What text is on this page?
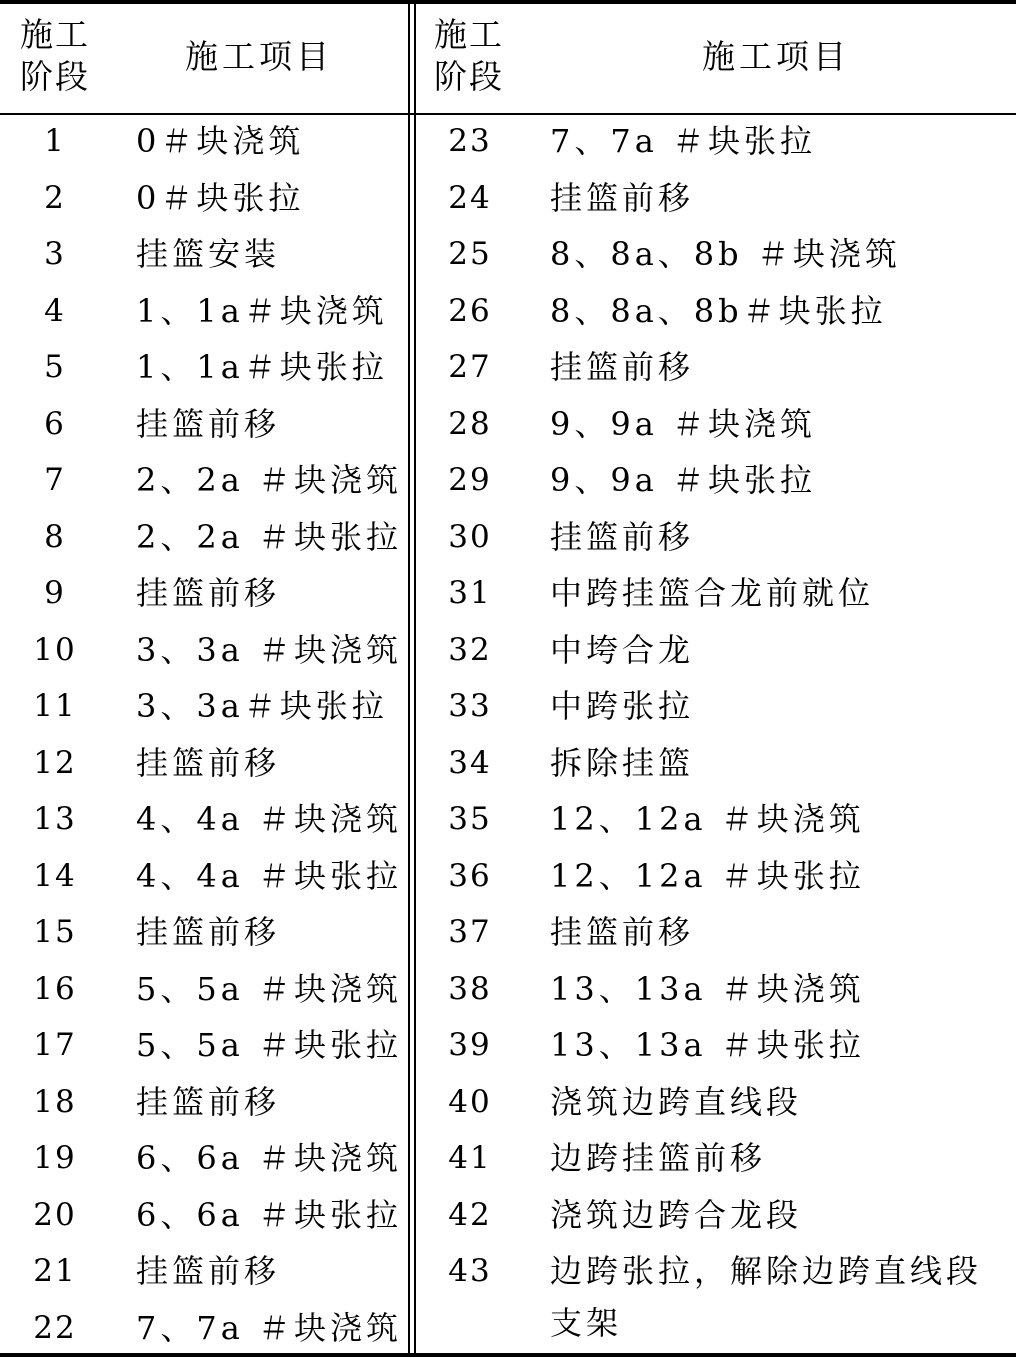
施工
阶段
施工项目
1	0＃块浇筑
2	0＃块张拉
3	挂篮安装
4	1、1a＃块浇筑
5	1、1a＃块张拉
6	挂篮前移
7	2、2a ＃块浇筑
8	2、2a ＃块张拉
9	挂篮前移
10	3、3a ＃块浇筑
11	3、3a＃块张拉
12	挂篮前移
13	4、4a ＃块浇筑
14	4、4a ＃块张拉
15	挂篮前移
16	5、5a ＃块浇筑
17	5、5a ＃块张拉
18	挂篮前移
19	6、6a ＃块浇筑
20	6、6a ＃块张拉
21	挂篮前移
22	7、7a ＃块浇筑
施工
阶段
施工项目
23	7、7a ＃块张拉
24	挂篮前移
25	8、8a、8b ＃块浇筑
26	8、8a、8b＃块张拉
27	挂篮前移
28	9、9a ＃块浇筑
29	9、9a ＃块张拉
30	挂篮前移
31	中跨挂篮合龙前就位
32	中垮合龙
33	中跨张拉
34	拆除挂篮
35	12、12a ＃块浇筑
36	12、12a ＃块张拉
37	挂篮前移
38	13、13a ＃块浇筑
39	13、13a ＃块张拉
40	浇筑边跨直线段
41	边跨挂篮前移
42	浇筑边跨合龙段
43	边跨张拉，解除边跨直线段支架
